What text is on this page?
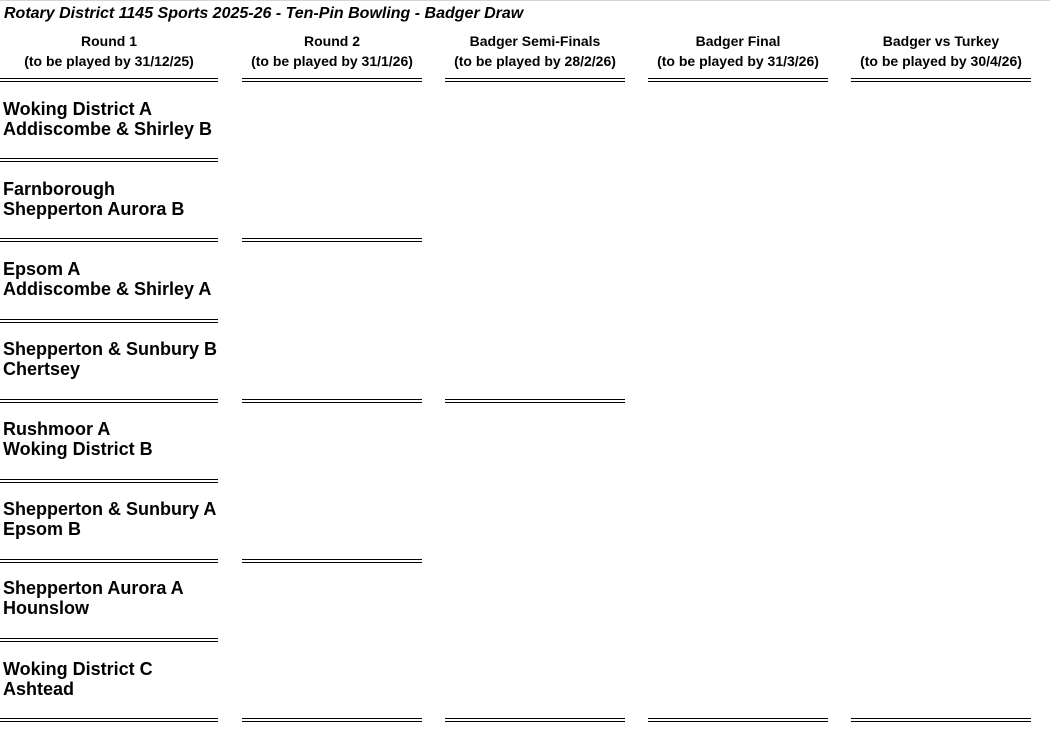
Rotary District 1145 Sports 2025-26 - Ten-Pin Bowling - Badger Draw
Round 1
(to be played by 31/12/25)
Round 2
(to be played by 31/1/26)
Badger Semi-Finals
(to be played by 28/2/26)
Badger Final
(to be played by 31/3/26)
Badger vs Turkey
(to be played by 30/4/26)
Woking District A
Addiscombe & Shirley B
Farnborough
Shepperton Aurora B
Epsom A
Addiscombe & Shirley A
Shepperton & Sunbury B
Chertsey
Rushmoor A
Woking District B
Shepperton & Sunbury A
Epsom B
Shepperton Aurora A
Hounslow
Woking District C
Ashtead
